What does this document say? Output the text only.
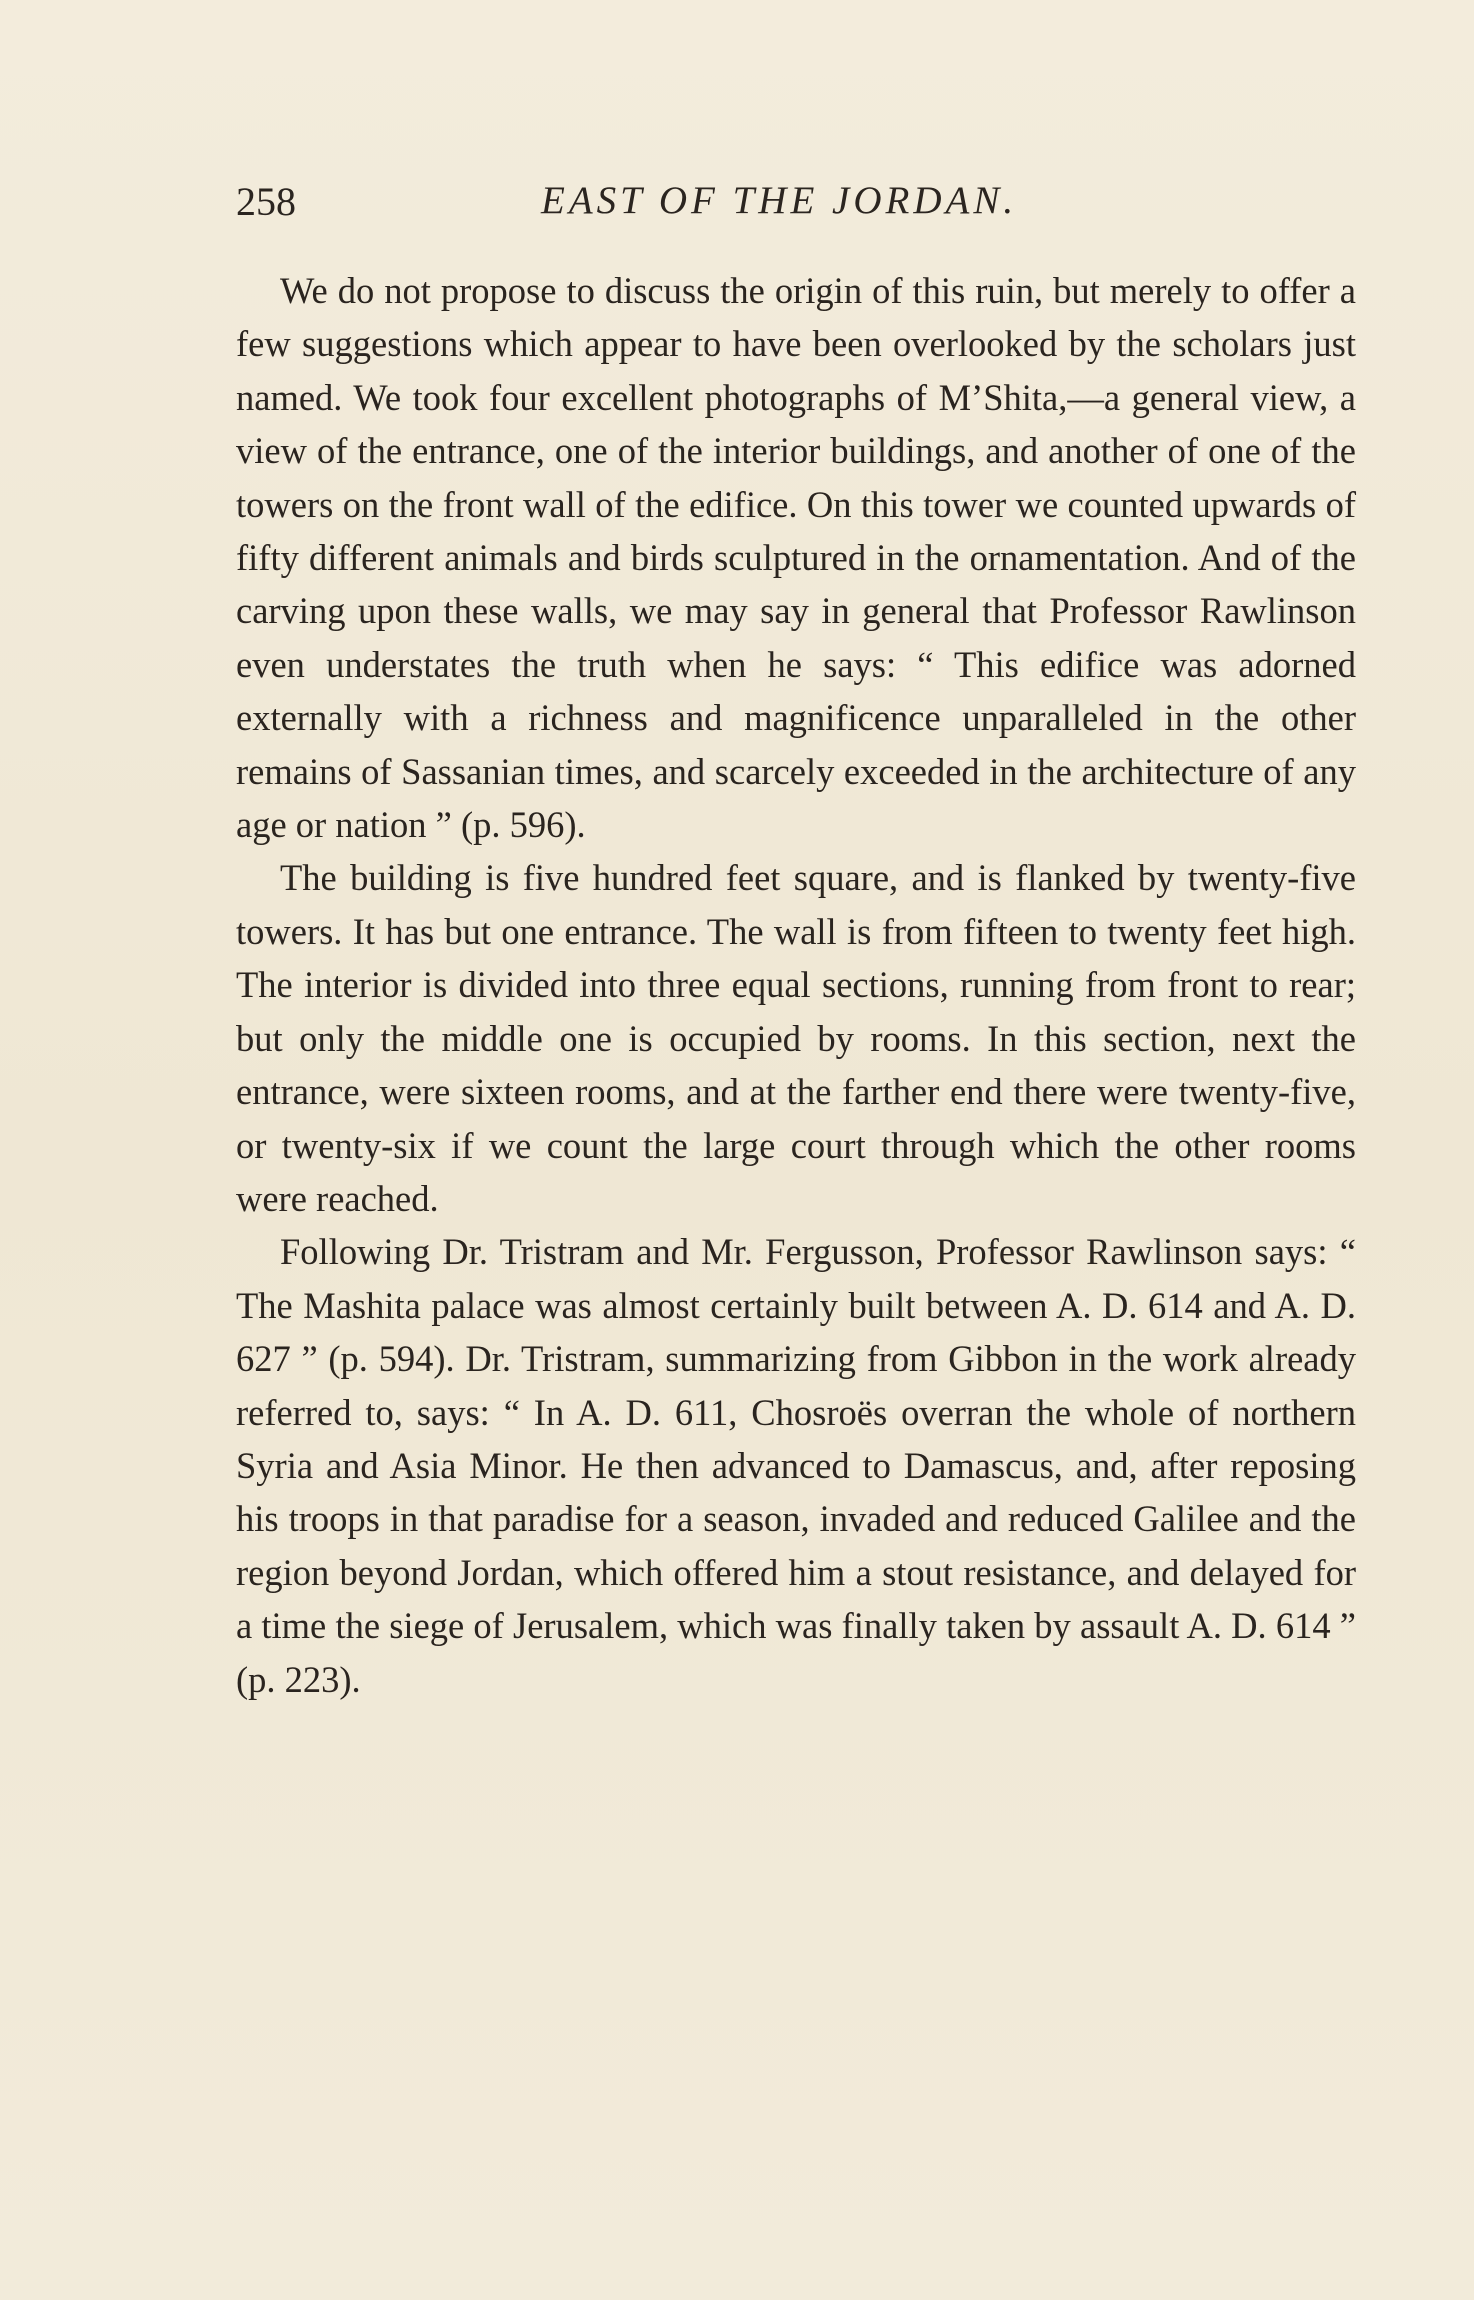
258	EAST OF THE JORDAN.

We do not propose to discuss the origin of this ruin, but merely to offer a few suggestions which appear to have been overlooked by the scholars just named. We took four excellent photographs of M’Shita,—a general view, a view of the entrance, one of the interior buildings, and another of one of the towers on the front wall of the edifice. On this tower we counted upwards of fifty different animals and birds sculptured in the ornamentation. And of the carving upon these walls, we may say in general that Professor Rawlinson even understates the truth when he says: “ This edifice was adorned externally with a richness and magnificence unparalleled in the other remains of Sassanian times, and scarcely exceeded in the architecture of any age or nation ” (p. 596).

The building is five hundred feet square, and is flanked by twenty-five towers. It has but one entrance. The wall is from fifteen to twenty feet high. The interior is divided into three equal sections, running from front to rear; but only the middle one is occupied by rooms. In this section, next the entrance, were sixteen rooms, and at the farther end there were twenty-five, or twenty-six if we count the large court through which the other rooms were reached.

Following Dr. Tristram and Mr. Fergusson, Professor Rawlinson says: “ The Mashita palace was almost certainly built between A. D. 614 and A. D. 627 ” (p. 594). Dr. Tristram, summarizing from Gibbon in the work already referred to, says: “ In A. D. 611, Chosroës overran the whole of northern Syria and Asia Minor. He then advanced to Damascus, and, after reposing his troops in that paradise for a season, invaded and reduced Galilee and the region beyond Jordan, which offered him a stout resistance, and delayed for a time the siege of Jerusalem, which was finally taken by assault A. D. 614 ” (p. 223).
